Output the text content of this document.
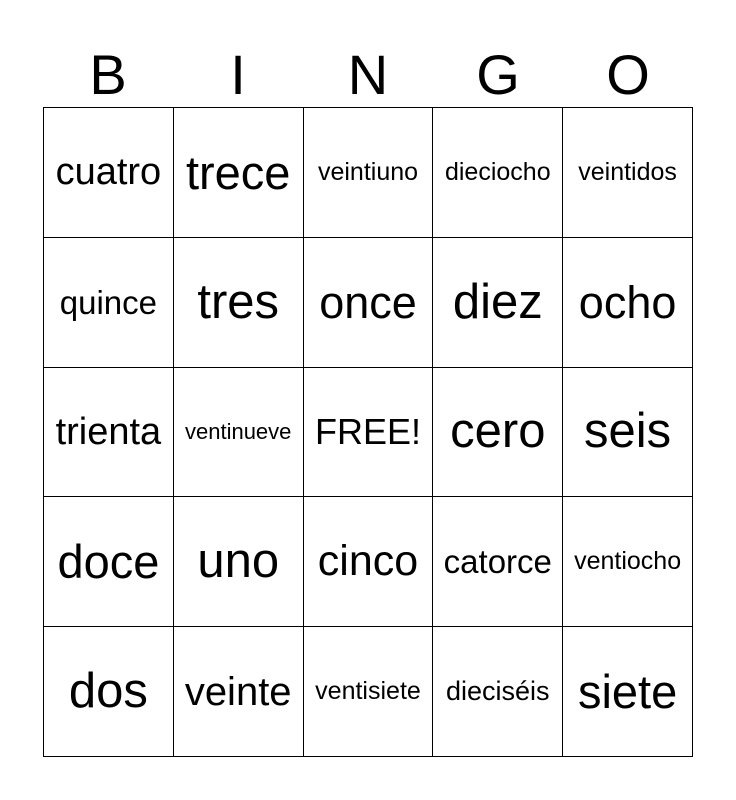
B	I	N	G	O
cuatro trece	veintiuno	dieciocho	veintidos
quince tres once diez ocho
trienta	ventinueve FREE! cero seis
doce uno cinco catorce ventiocho
dos veinte ventisiete dieciséis siete
